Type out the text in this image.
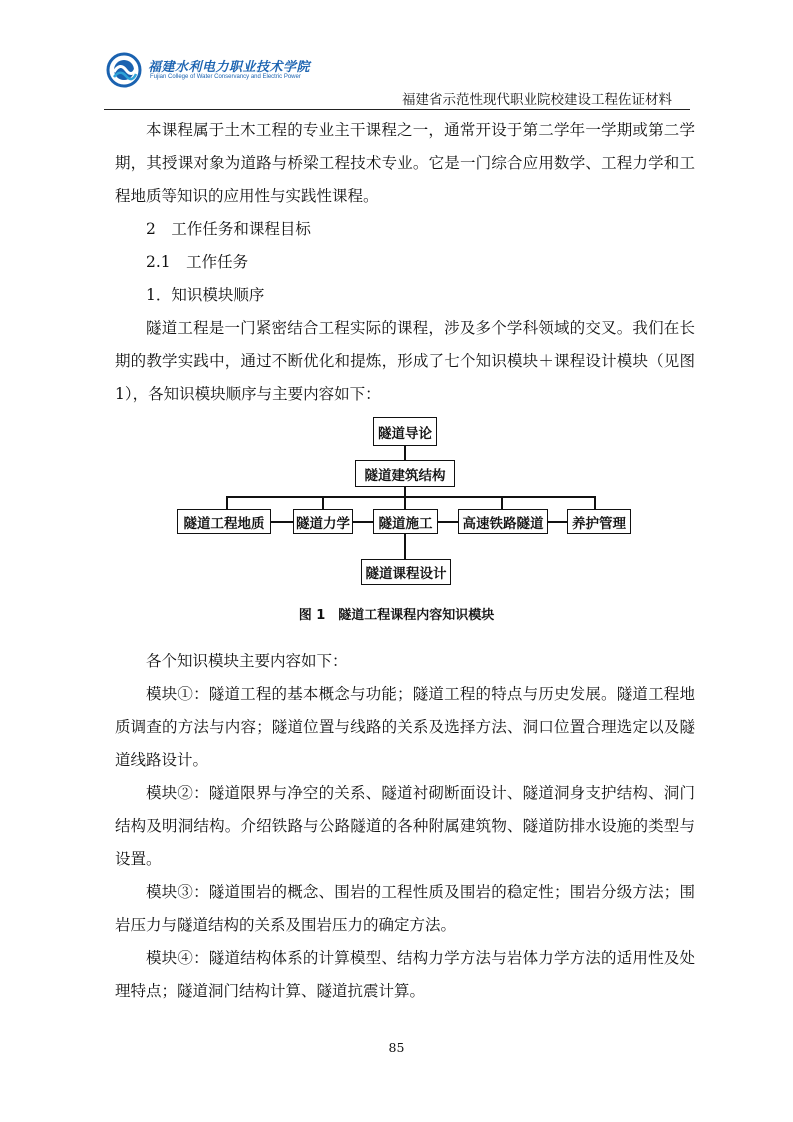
福建水利电力职业技术学院
Fujian College of Water Conservancy and Electric Power
福建省示范性现代职业院校建设工程佐证材料

本课程属于土木工程的专业主干课程之一，通常开设于第二学年一学期或第二学期，其授课对象为道路与桥梁工程技术专业。它是一门综合应用数学、工程力学和工程地质等知识的应用性与实践性课程。

2　工作任务和课程目标

2.1　工作任务

1．知识模块顺序

隧道工程是一门紧密结合工程实际的课程，涉及多个学科领域的交叉。我们在长期的教学实践中，通过不断优化和提炼，形成了七个知识模块＋课程设计模块（见图 1），各知识模块顺序与主要内容如下：

隧道导论
隧道建筑结构
隧道工程地质	隧道力学	隧道施工	高速铁路隧道	养护管理
隧道课程设计
图 1　隧道工程课程内容知识模块

各个知识模块主要内容如下：

模块①：隧道工程的基本概念与功能；隧道工程的特点与历史发展。隧道工程地质调查的方法与内容；隧道位置与线路的关系及选择方法、洞口位置合理选定以及隧道线路设计。

模块②：隧道限界与净空的关系、隧道衬砌断面设计、隧道洞身支护结构、洞门结构及明洞结构。介绍铁路与公路隧道的各种附属建筑物、隧道防排水设施的类型与设置。

模块③：隧道围岩的概念、围岩的工程性质及围岩的稳定性；围岩分级方法；围岩压力与隧道结构的关系及围岩压力的确定方法。

模块④：隧道结构体系的计算模型、结构力学方法与岩体力学方法的适用性及处理特点；隧道洞门结构计算、隧道抗震计算。

85
